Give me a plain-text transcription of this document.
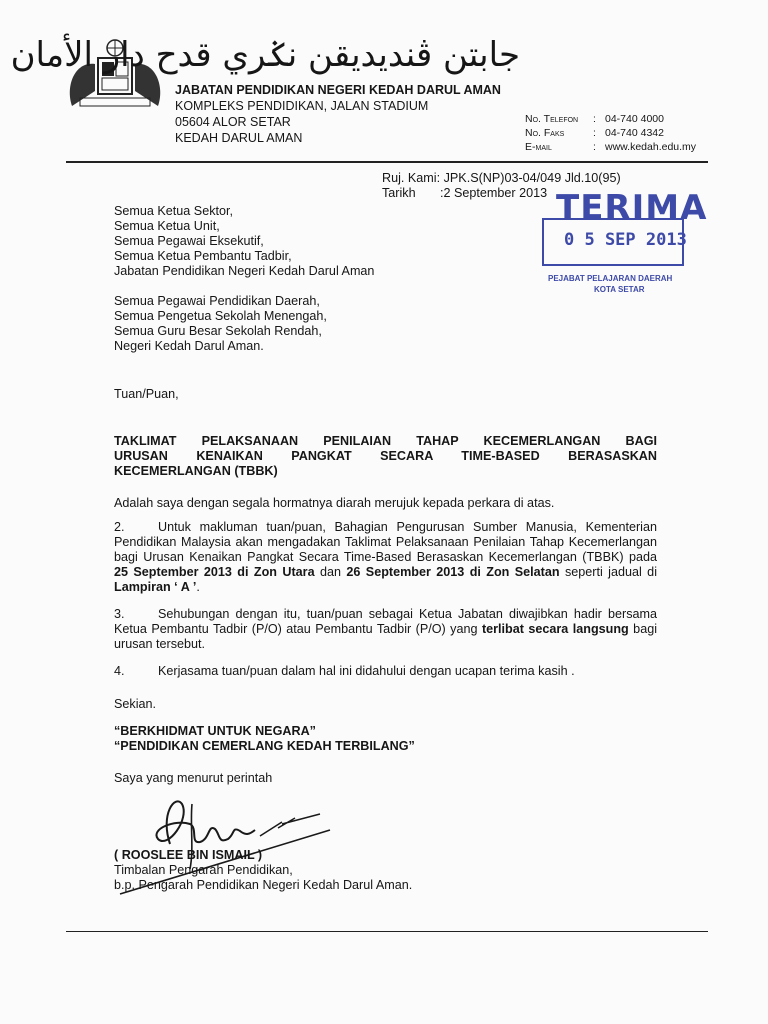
جابتن ڤنديديقن نݢري قدح دار الأمان
JABATAN PENDIDIKAN NEGERI KEDAH DARUL AMAN
KOMPLEKS PENDIDIKAN, JALAN STADIUM
05604 ALOR SETAR
KEDAH DARUL AMAN
No. Telefon	: 04-740 4000
No. Faks	: 04-740 4342
E-mail	: www.kedah.edu.my
Ruj. Kami: JPK.S(NP)03-04/049 Jld.10(95)
Tarikh	: 2 September 2013 TERIMA
0 5 SEP 2013
PEJABAT PELAJARAN DAERAH
KOTA SETAR
Semua Ketua Sektor,
Semua Ketua Unit,
Semua Pegawai Eksekutif,
Semua Ketua Pembantu Tadbir,
Jabatan Pendidikan Negeri Kedah Darul Aman
Semua Pegawai Pendidikan Daerah,
Semua Pengetua Sekolah Menengah,
Semua Guru Besar Sekolah Rendah,
Negeri Kedah Darul Aman.
Tuan/Puan,
TAKLIMAT PELAKSANAAN PENILAIAN TAHAP KECEMERLANGAN BAGI
URUSAN KENAIKAN PANGKAT SECARA TIME-BASED BERASASKAN
KECEMERLANGAN (TBBK)
Adalah saya dengan segala hormatnya diarah merujuk kepada perkara di atas.
2.	Untuk makluman tuan/puan, Bahagian Pengurusan Sumber Manusia, Kementerian Pendidikan Malaysia akan mengadakan Taklimat Pelaksanaan Penilaian Tahap Kecemerlangan bagi Urusan Kenaikan Pangkat Secara Time-Based Berasaskan Kecemerlangan (TBBK) pada 25 September 2013 di Zon Utara dan 26 September 2013 di Zon Selatan seperti jadual di Lampiran ‘ A ’.
3.	Sehubungan dengan itu, tuan/puan sebagai Ketua Jabatan diwajibkan hadir bersama Ketua Pembantu Tadbir (P/O) atau Pembantu Tadbir (P/O) yang terlibat secara langsung bagi urusan tersebut.
4.	Kerjasama tuan/puan dalam hal ini didahului dengan ucapan terima kasih .
Sekian.
“BERKHIDMAT UNTUK NEGARA”
“PENDIDIKAN CEMERLANG KEDAH TERBILANG”
Saya yang menurut perintah
( ROOSLEE BIN ISMAIL )
Timbalan Pengarah Pendidikan,
b.p. Pengarah Pendidikan Negeri Kedah Darul Aman.
